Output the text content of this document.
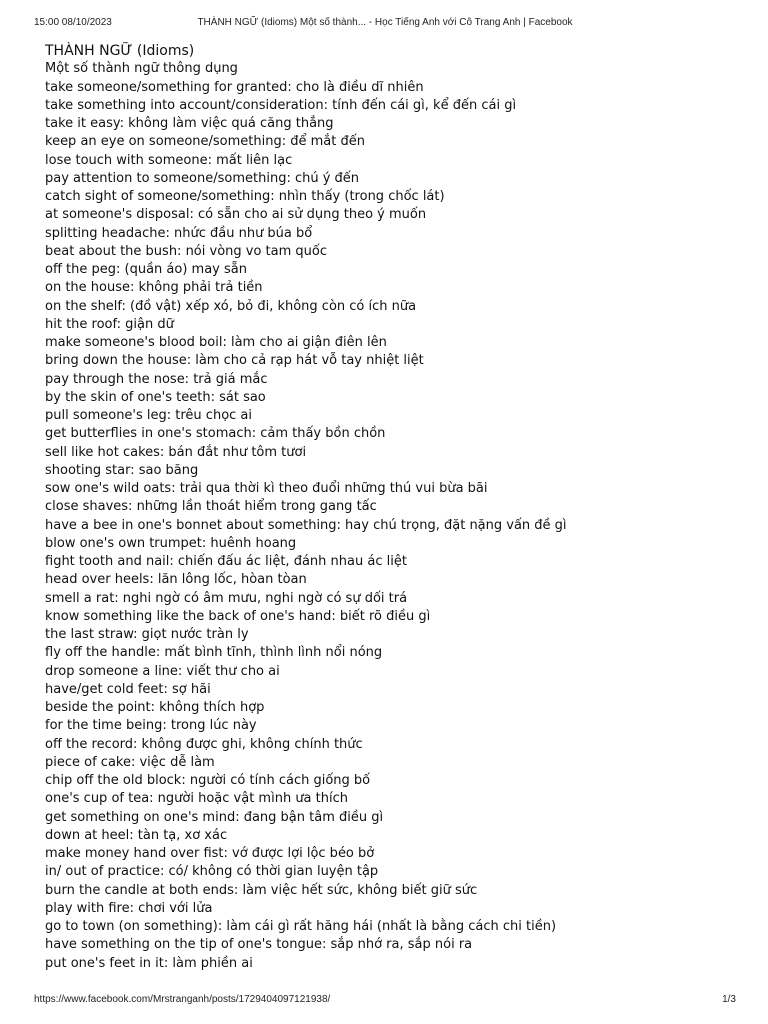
15:00 08/10/2023	THÀNH NGỮ (Idioms) Một số thành... - Học Tiếng Anh với Cô Trang Anh | Facebook
THÀNH NGỮ (Idioms)
Một số thành ngữ thông dụng
take someone/something for granted: cho là điều dĩ nhiên
take something into account/consideration: tính đến cái gì, kể đến cái gì
take it easy: không làm việc quá căng thẳng
keep an eye on someone/something: để mắt đến
lose touch with someone: mất liên lạc
pay attention to someone/something: chú ý đến
catch sight of someone/something: nhìn thấy (trong chốc lát)
at someone's disposal: có sẵn cho ai sử dụng theo ý muốn
splitting headache: nhức đầu như búa bổ
beat about the bush: nói vòng vo tam quốc
off the peg: (quần áo) may sẵn
on the house: không phải trả tiền
on the shelf: (đồ vật) xếp xó, bỏ đi, không còn có ích nữa
hit the roof: giận dữ
make someone's blood boil: làm cho ai giận điên lên
bring down the house: làm cho cả rạp hát vỗ tay nhiệt liệt
pay through the nose: trả giá mắc
by the skin of one's teeth: sát sao
pull someone's leg: trêu chọc ai
get butterflies in one's stomach: cảm thấy bồn chồn
sell like hot cakes: bán đắt như tôm tươi
shooting star: sao băng
sow one's wild oats: trải qua thời kì theo đuổi những thú vui bừa bãi
close shaves: những lần thoát hiểm trong gang tấc
have a bee in one's bonnet about something: hay chú trọng, đặt nặng vấn đề gì
blow one's own trumpet: huênh hoang
fight tooth and nail: chiến đấu ác liệt, đánh nhau ác liệt
head over heels: lăn lông lốc, hòan tòan
smell a rat: nghi ngờ có âm mưu, nghi ngờ có sự dối trá
know something like the back of one's hand: biết rõ điều gì
the last straw: giọt nước tràn ly
fly off the handle: mất bình tĩnh, thình lình nổi nóng
drop someone a line: viết thư cho ai
have/get cold feet: sợ hãi
beside the point: không thích hợp
for the time being: trong lúc này
off the record: không được ghi, không chính thức
piece of cake: việc dễ làm
chip off the old block: người có tính cách giống bố
one's cup of tea: người hoặc vật mình ưa thích
get something on one's mind: đang bận tâm điều gì
down at heel: tàn tạ, xơ xác
make money hand over fist: vớ được lợi lộc béo bở
in/ out of practice: có/ không có thời gian luyện tập
burn the candle at both ends: làm việc hết sức, không biết giữ sức
play with fire: chơi với lửa
go to town (on something): làm cái gì rất hăng hái (nhất là bằng cách chi tiền)
have something on the tip of one's tongue: sắp nhớ ra, sắp nói ra
put one's feet in it: làm phiền ai
https://www.facebook.com/Mrstranganh/posts/1729404097121938/	1/3
